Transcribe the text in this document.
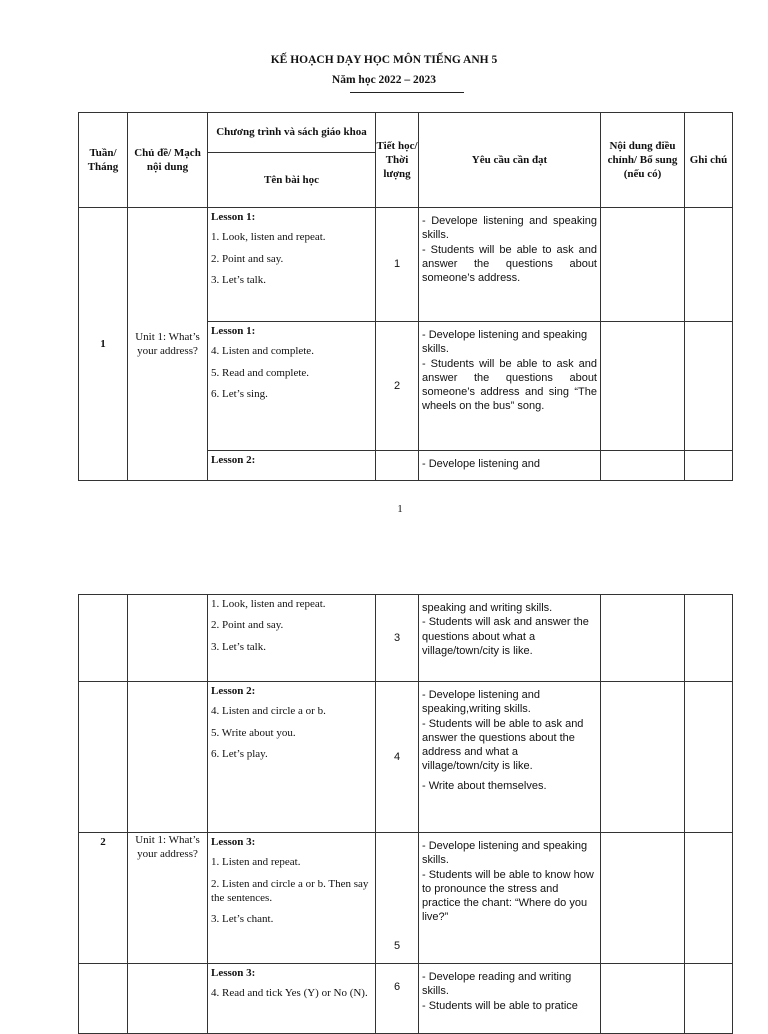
KẾ HOẠCH DẠY HỌC MÔN TIẾNG ANH 5
Năm học 2022 – 2023
Tuần/ Tháng	Chủ đề/ Mạch nội dung	Chương trình và sách giáo khoa	Tiết học/ Thời lượng	Yêu cầu cần đạt	Nội dung điều chỉnh/ Bổ sung (nếu có)	Ghi chú
		Tên bài học				
1	Unit 1: What’s your address?	Lesson 1:
1. Look, listen and repeat.
2. Point and say.
3. Let’s talk.	1	- Develope listening and speaking skills.
- Students will be able to ask and answer the questions about someone’s address.		

		Lesson 1:
4. Listen and complete.
5. Read and complete.
6. Let’s sing.	2	- Develope listening and speaking skills.
- Students will be able to ask and answer the questions about someone’s address and sing “The wheels on the bus” song.		

		Lesson 2:		- Develope listening and		

1

		1. Look, listen and repeat.
2. Point and say.
3. Let’s talk.	3	speaking and writing skills.
- Students will ask and answer the questions about what a village/town/city is like.		

		Lesson 2:
4. Listen and circle a or b.
5. Write about you.
6. Let’s play.	4	- Develope listening and speaking,writing skills.
- Students will be able to ask and answer the questions about the address and what a village/town/city is like.
- Write about themselves.		

2	Unit 1: What’s your address?	Lesson 3:
1. Listen and repeat.
2. Listen and circle a or b. Then say the sentences.
3. Let’s chant.	5	- Develope listening and speaking skills.
- Students will be able to know how to pronounce the stress and practice the chant: “Where do you live?”		

		Lesson 3:
4. Read and tick Yes (Y) or No (N).	6	- Develope reading and writing skills.
- Students will be able to pratice		
